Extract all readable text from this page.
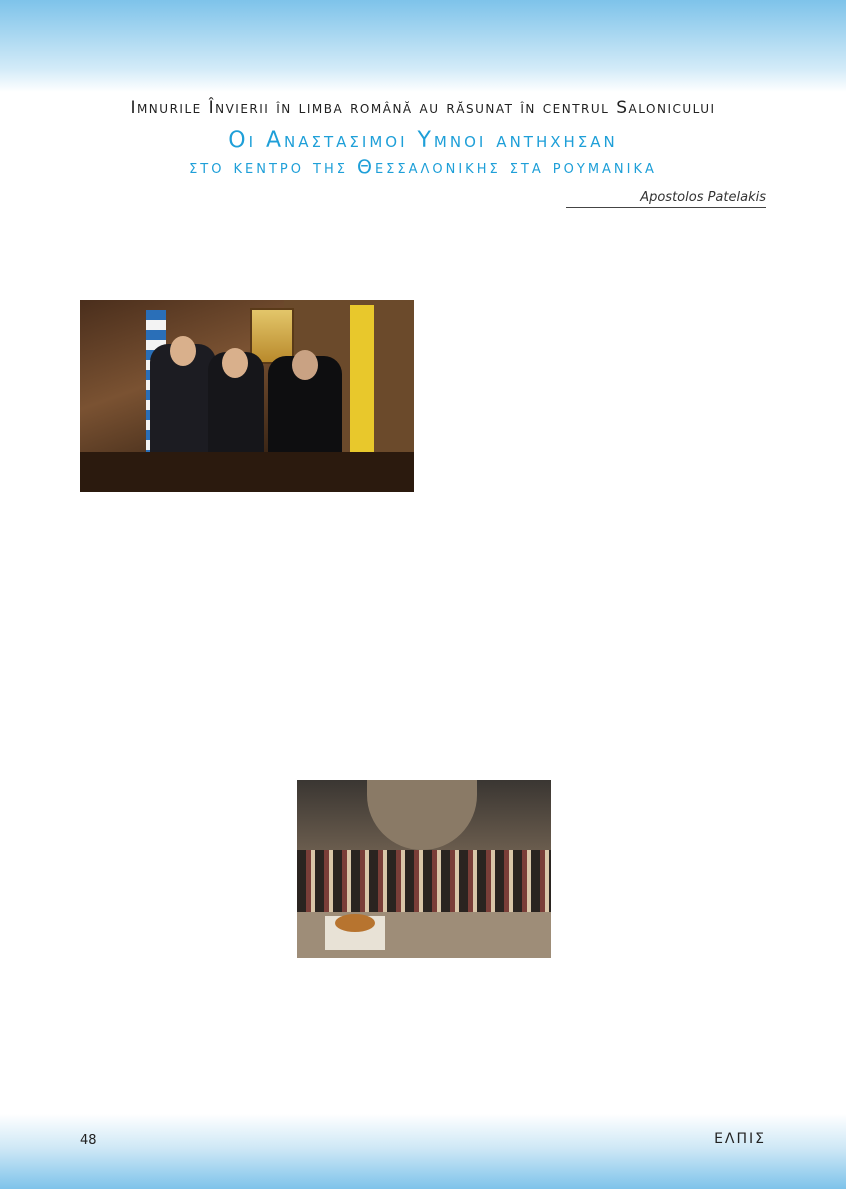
Imnurile Învierii în limba română au răsunat în centrul Salonicului
Οι Αναστασιμοι Υμνοι αντηχησαν
στο κεντρο της Θεσσαλονικης στα ρουμανικα
Apostolos Patelakis
48	ΕΛΠΙΣ
